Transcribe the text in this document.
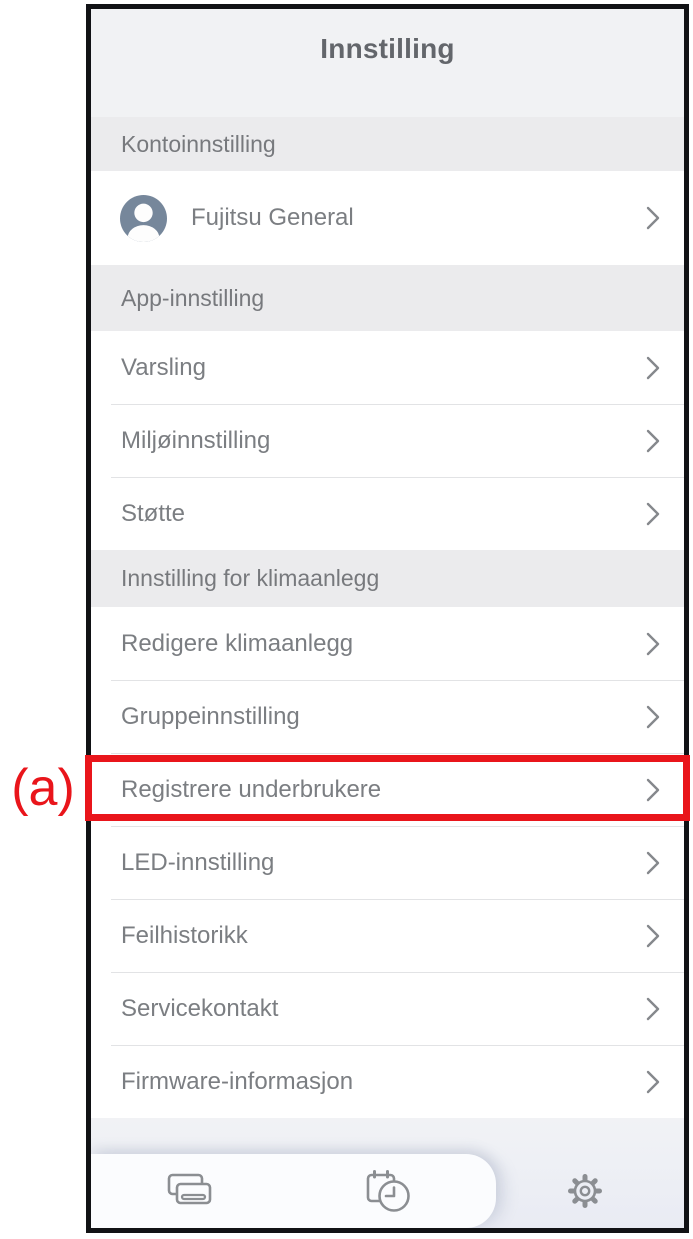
(a)
Innstilling
Kontoinnstilling
Fujitsu General
App-innstilling
Varsling
Miljøinnstilling
Støtte
Innstilling for klimaanlegg
Redigere klimaanlegg
Gruppeinnstilling
Registrere underbrukere
LED-innstilling
Feilhistorikk
Servicekontakt
Firmware-informasjon
